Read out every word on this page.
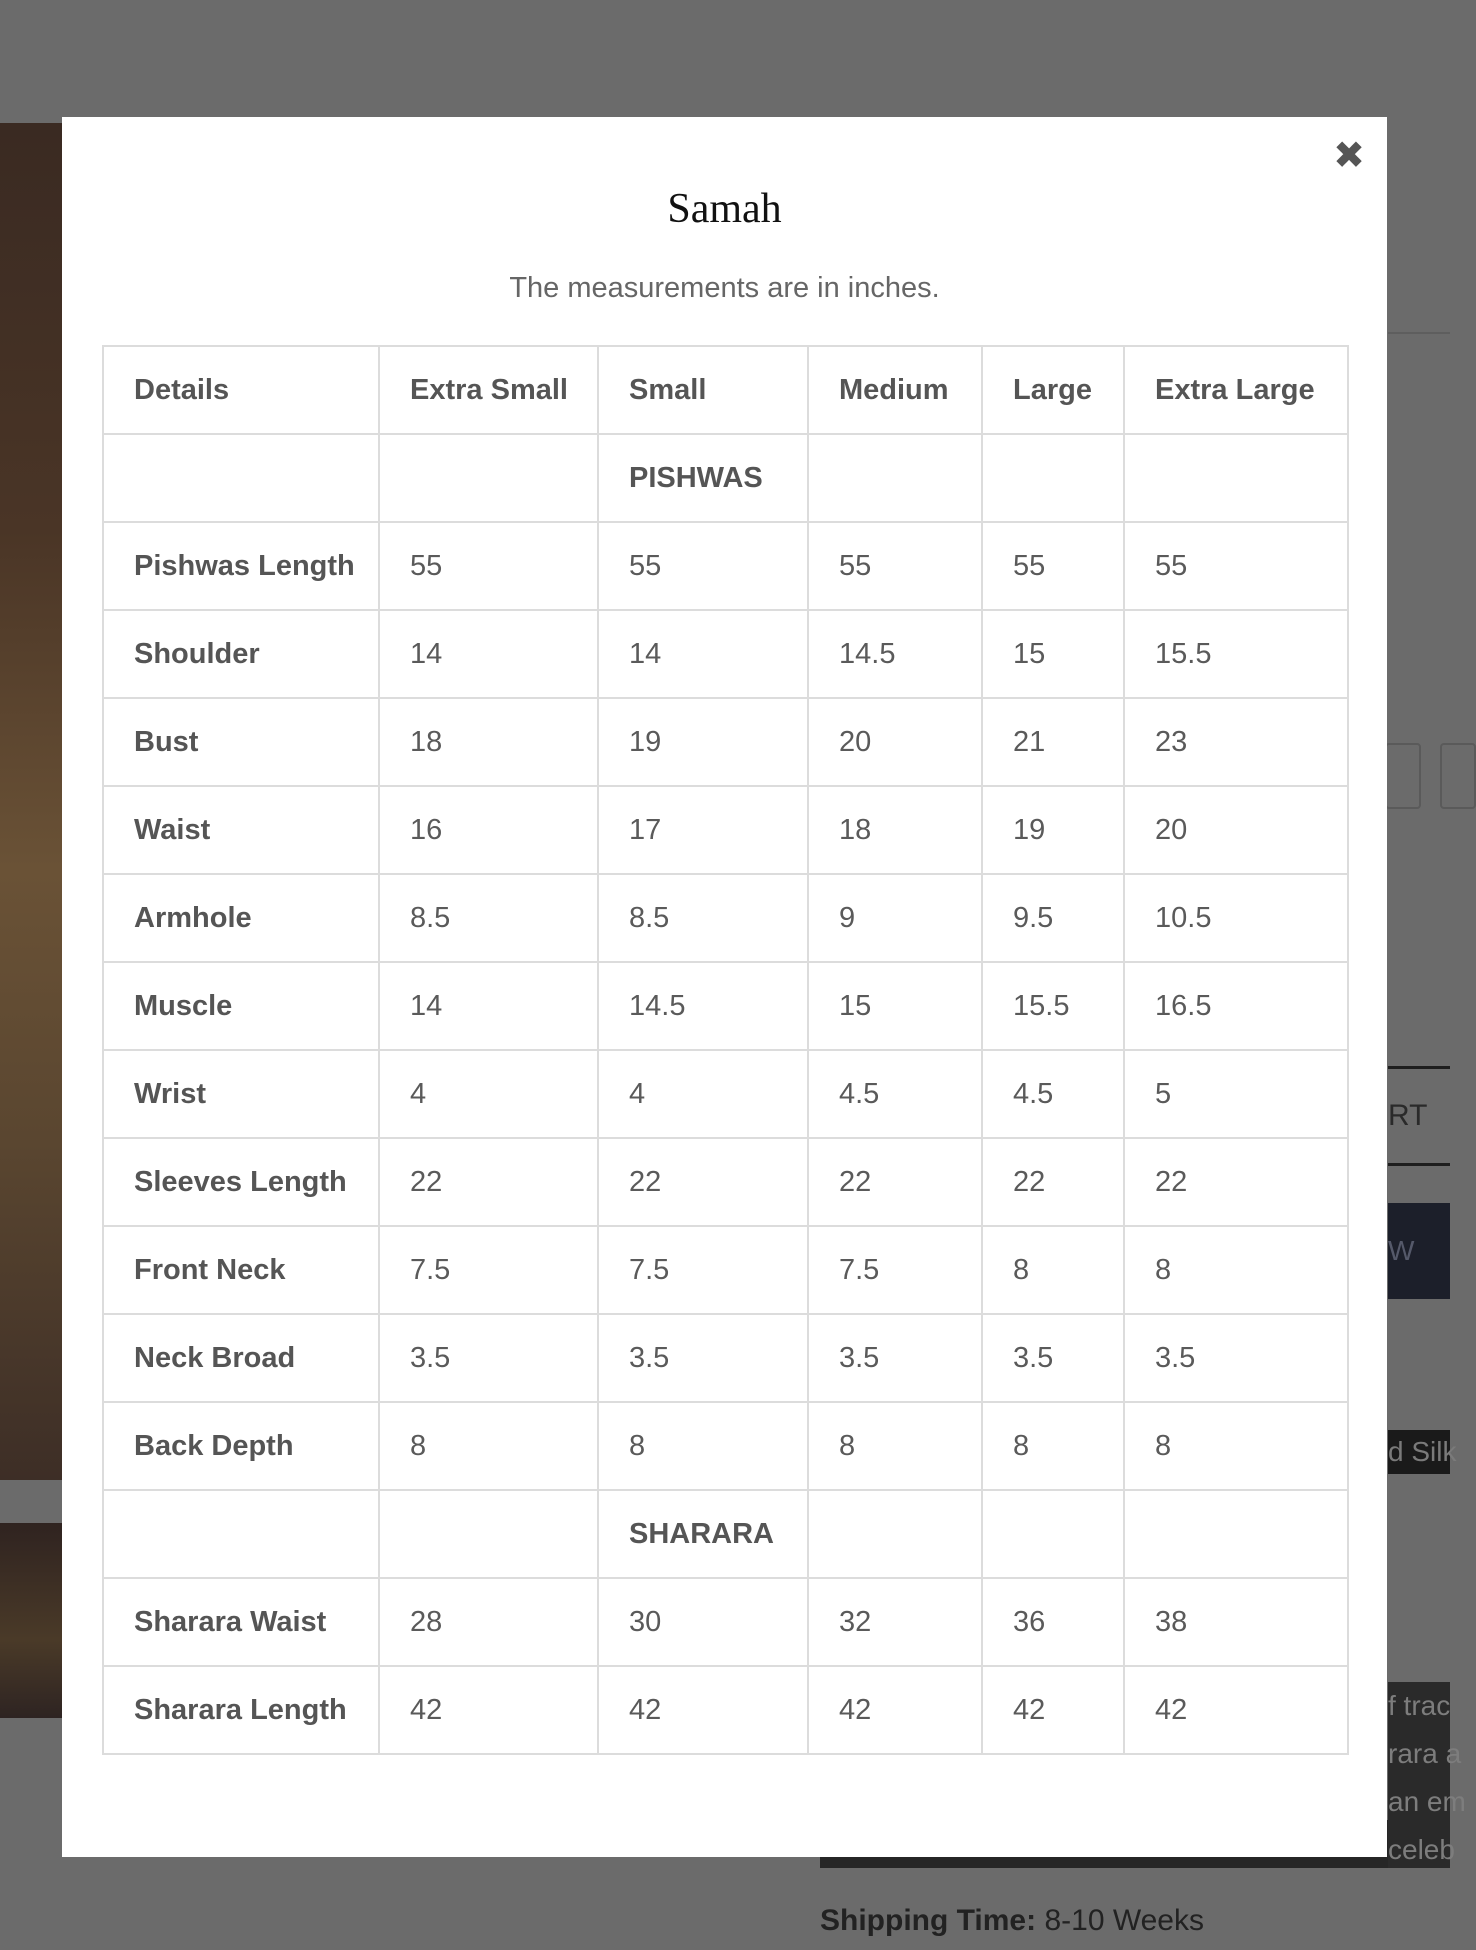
RT
W
d Silk
f trac
rara a
an em
celeb
Shipping Time: 8-10 Weeks
✖
Samah
The measurements are in inches.
Details	Extra Small	Small	Medium	Large	Extra Large
		PISHWAS			
Pishwas Length	55	55	55	55	55
Shoulder	14	14	14.5	15	15.5
Bust	18	19	20	21	23
Waist	16	17	18	19	20
Armhole	8.5	8.5	9	9.5	10.5
Muscle	14	14.5	15	15.5	16.5
Wrist	4	4	4.5	4.5	5
Sleeves Length	22	22	22	22	22
Front Neck	7.5	7.5	7.5	8	8
Neck Broad	3.5	3.5	3.5	3.5	3.5
Back Depth	8	8	8	8	8
		SHARARA			
Sharara Waist	28	30	32	36	38
Sharara Length	42	42	42	42	42
